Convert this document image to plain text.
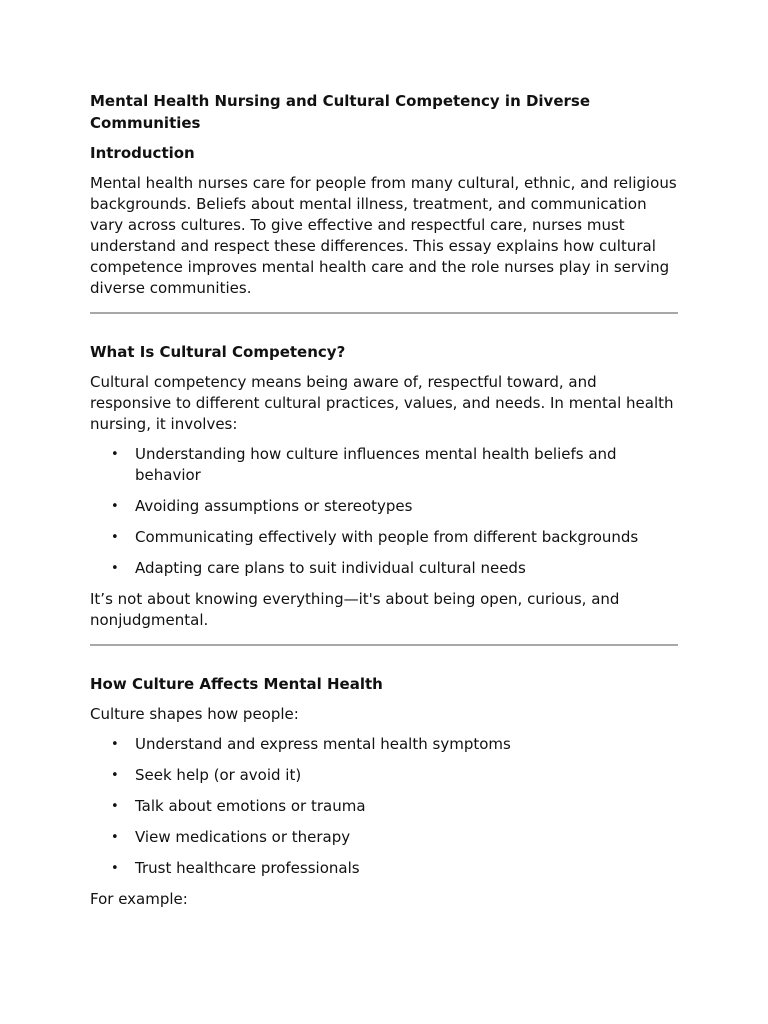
Mental Health Nursing and Cultural Competency in Diverse Communities
Introduction
Mental health nurses care for people from many cultural, ethnic, and religious backgrounds. Beliefs about mental illness, treatment, and communication vary across cultures. To give effective and respectful care, nurses must understand and respect these differences. This essay explains how cultural competence improves mental health care and the role nurses play in serving diverse communities.
What Is Cultural Competency?
Cultural competency means being aware of, respectful toward, and responsive to different cultural practices, values, and needs. In mental health nursing, it involves:
• Understanding how culture influences mental health beliefs and behavior
• Avoiding assumptions or stereotypes
• Communicating effectively with people from different backgrounds
• Adapting care plans to suit individual cultural needs
It’s not about knowing everything—it's about being open, curious, and nonjudgmental.
How Culture Affects Mental Health
Culture shapes how people:
• Understand and express mental health symptoms
• Seek help (or avoid it)
• Talk about emotions or trauma
• View medications or therapy
• Trust healthcare professionals
For example:
